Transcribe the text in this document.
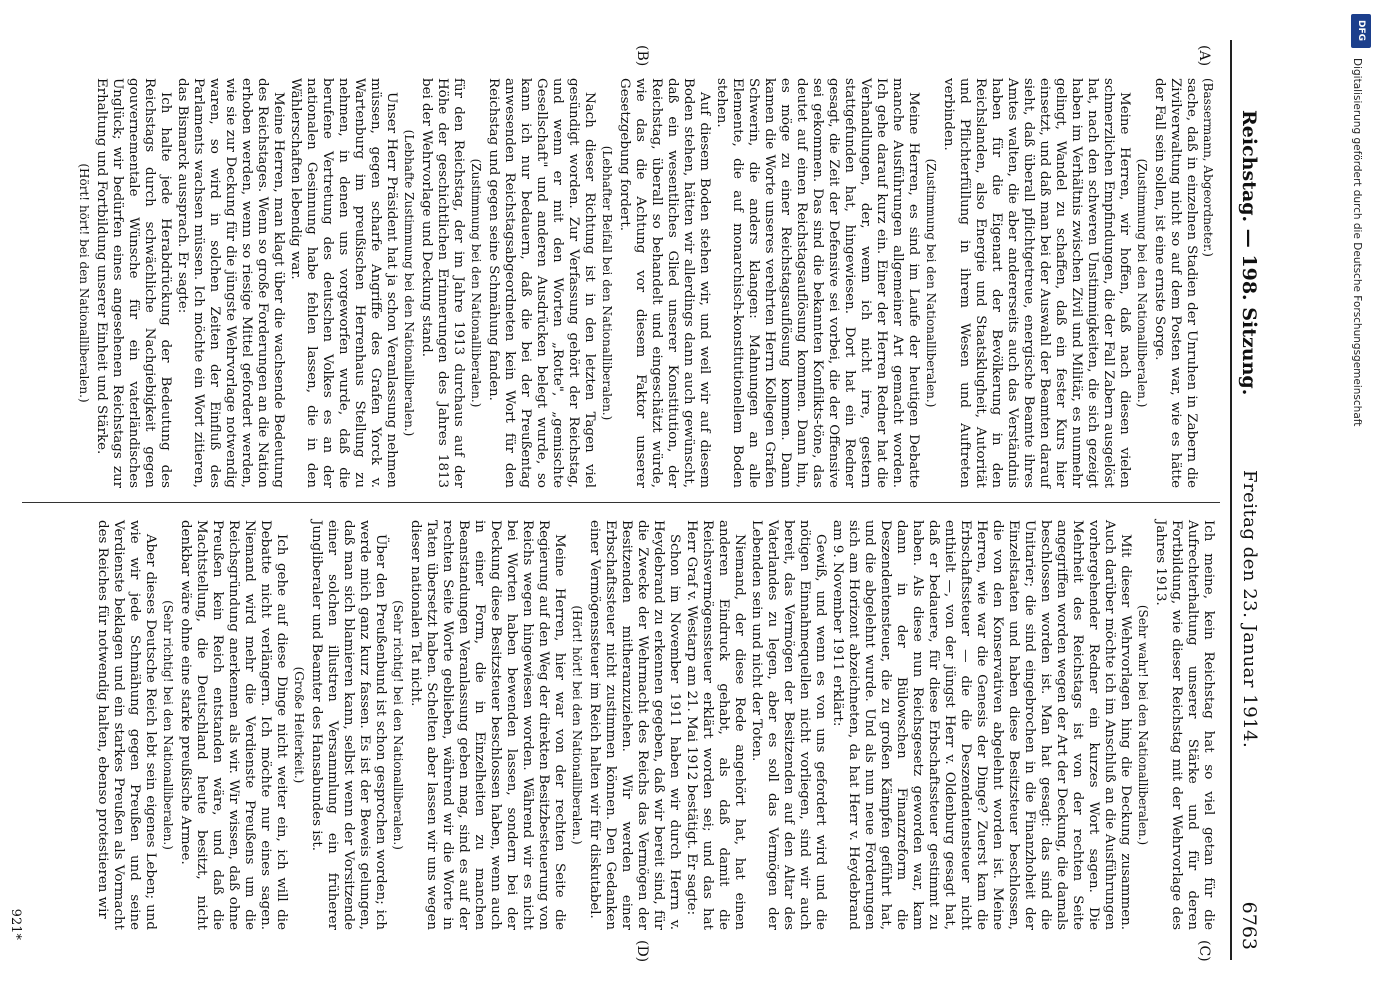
Reichstag. — 198. Sitzung.
Freitag den 23. Januar 1914.
6763
(A)
(B)
(C)
(D)

(Bassermann, Abgeordneter.)

sache, daß in einzelnen Stadien der Unruhen in Zabern die Zivilverwaltung nicht so auf dem Posten war, wie es hätte der Fall sein sollen, ist eine ernste Sorge.

(Zustimmung bei den Nationalliberalen.)

Meine Herren, wir hoffen, daß nach diesen vielen schmerzlichen Empfindungen, die der Fall Zabern ausgelöst hat, nach den schweren Unstimmigkeiten, die sich gezeigt haben im Verhältnis zwischen Zivil und Militär, es nunmehr gelingt, Wandel zu schaffen, daß ein fester Kurs hier einsetzt, und daß man bei der Auswahl der Beamten darauf sieht, daß überall pflichtgetreue, energische Beamte ihres Amtes walten, die aber andererseits auch das Verständnis haben für die Eigenart der Bevölkerung in den Reichslanden, also Energie und Staatsklugheit, Autorität und Pflichterfüllung in ihrem Wesen und Auftreten verbinden.

(Zustimmung bei den Nationalliberalen.)

Meine Herren, es sind im Laufe der heutigen Debatte manche Ausführungen allgemeiner Art gemacht worden. Ich gehe darauf kurz ein. Einer der Herren Redner hat die Verhandlungen, der, wenn ich nicht irre, gestern stattgefunden hat, hingewiesen. Dort hat ein Redner gesagt, die Zeit der Defensive sei vorbei, die der Offensive sei gekommen. Das sind die bekannten Konflikts-töne, das deutet auf einen Reichstagsauflösung kommen. Dann hin, es möge zu einer Reichstagsauflösung kommen. Dann kamen die Worte unseres verehrten Herrn Kollegen Grafen Schwerin, die anders klangen: Mahnungen an alle Elemente, die auf monarchisch-konstitutionellem Boden stehen.

Auf diesem Boden stehen wir, und weil wir auf diesem Boden stehen, hätten wir allerdings dann auch gewünscht, daß ein wesentliches Glied unserer Konstitution, der Reichstag, überall so behandelt und eingeschätzt würde, wie das die Achtung vor diesem Faktor unserer Gesetzgebung fordert.

(Lebhafter Beifall bei den Nationalliberalen.)

Nach dieser Richtung ist in den letzten Tagen viel gesündigt worden. Zur Verfassung gehört der Reichstag, und wenn er mit den Worten „Rotte", „gemischte Gesellschaft" und anderen Ausdrücken belegt wurde, so kann ich nur bedauern, daß die bei der Preußentag anwesenden Reichstagsabgeordneten kein Wort für den Reichstag und gegen seine Schmähung fanden.

(Zustimmung bei den Nationalliberalen.)

für den Reichstag, der im Jahre 1913 durchaus auf der Höhe der geschichtlichen Erinnerungen des Jahres 1813 bei der Wehrvorlage und Deckung stand.

(Lebhafte Zustimmung bei den Nationalliberalen.)

Unser Herr Präsident hat ja schon Veranlassung nehmen müssen, gegen scharfe Angriffe des Grafen Yorck v. Wartenburg im preußischen Herrenhaus Stellung zu nehmen, in denen uns vorgeworfen wurde, daß die berufene Vertretung des deutschen Volkes es an der nationalen Gesinnung habe fehlen lassen, die in den Wählerschaften lebendig war.

Meine Herren, man klagt über die wachsende Bedeutung des Reichstages. Wenn so große Forderungen an die Nation erhoben werden, wenn so riesige Mittel gefordert werden, wie sie zur Deckung für die jüngste Wehrvorlage notwendig waren, so wird in solchen Zeiten der Einfluß des Parlaments wachsen müssen. Ich möchte ein Wort zitieren, das Bismarck aussprach. Er sagte:

Ich halte jede Herabdrückung der Bedeutung des Reichstags durch schwächliche Nachgiebigkeit gegen gouvernementale Wünsche für ein vaterländisches Unglück; wir bedürfen eines angesehenen Reichstags zur Erhaltung und Fortbildung unserer Einheit und Stärke.

(Hört! hört! bei den Nationalliberalen.)

Ich meine, kein Reichstag hat so viel getan für die Aufrechterhaltung unserer Stärke und für deren Fortbildung, wie dieser Reichstag mit der Wehrvorlage des Jahres 1913.

(Sehr wahr! bei den Nationalliberalen.)

Mit dieser Wehrvorlagen hing die Deckung zusammen. Auch darüber möchte ich im Anschluß an die Ausführungen vorhergehender Redner ein kurzes Wort sagen. Die Mehrheit des Reichstags ist von der rechten Seite angegriffen worden wegen der Art der Deckung, die damals beschlossen worden ist. Man hat gesagt: das sind die Unitarier; die sind eingebrochen in die Finanzhoheit der Einzelstaaten und haben diese Besitzsteuer beschlossen, die von den Konservativen abgelehnt worden ist. Meine Herren, wie war die Genesis der Dinge? Zuerst kam die Erbschaftssteuer — die die Deszendentensteuer nicht enthielt —, von der jüngst Herr v. Oldenburg gesagt hat, daß er bedauere, für diese Erbschaftssteuer gestimmt zu haben. Als diese nun Reichsgesetz geworden war, kam dann in der Bülowschen Finanzreform die Deszendentensteuer, die zu großen Kämpfen geführt hat, und die abgelehnt wurde. Und als nun neue Forderungen sich am Horizont abzeichneten, da hat Herr v. Heydebrand am 9. November 1911 erklärt:

Gewiß, und wenn es von uns gefordert wird und die nötigen Einnahmequellen nicht vorliegen, sind wir auch bereit, das Vermögen der Besitzenden auf den Altar des Vaterlandes zu legen, aber es soll das Vermögen der Lebenden sein und nicht der Toten.

Niemand, der diese Rede angehört hat, hat einen anderen Eindruck gehabt, als daß damit die Reichsvermögenssteuer erklärt worden sei; und das hat Herr Graf v. Westarp am 21. Mai 1912 bestätigt. Er sagte:

Schon im November 1911 haben wir durch Herrn v. Heydebrand zu erkennen gegeben, daß wir bereit sind, für die Zwecke der Wehrmacht des Reichs das Vermögen der Besitzenden mitheranzuziehen. Wir werden einer Erbschaftssteuer nicht zustimmen können. Den Gedanken einer Vermögenssteuer im Reich halten wir für diskutabel.

(Hört! hört! bei den Nationalliberalen.)

Meine Herren, hier war von der rechten Seite die Regierung auf den Weg der direkten Besitzbesteuerung von Reichs wegen hingewiesen worden. Während wir es nicht bei Worten haben bewenden lassen, sondern bei der Deckung diese Besitzsteuer beschlossen haben, wenn auch in einer Form, die in Einzelheiten zu manchen Beanstandungen Veranlassung geben mag, sind es auf der rechten Seite Worte geblieben, während wir die Worte in Taten übersetzt haben. Schelten aber lassen wir uns wegen dieser nationalen Tat nicht.

(Sehr richtig! bei den Nationalliberalen.)

Über den Preußenbund ist schon gesprochen worden; ich werde mich ganz kurz fassen. Es ist der Beweis gelungen, daß man sich blamieren kann, selbst wenn der Vorsitzende einer solchen illustren Versammlung ein früherer Jungliberaler und Beamter des Hansabundes ist.

(Große Heiterkeit.)

Ich gehe auf diese Dinge nicht weiter ein, ich will die Debatte nicht verlängern. Ich möchte nur eines sagen. Niemand wird mehr die Verdienste Preußens um die Reichsgründung anerkennen als wir. Wir wissen, daß ohne Preußen kein Reich entstanden wäre, und daß die Machtstellung, die Deutschland heute besitzt, nicht denkbar wäre ohne eine starke preußische Armee.

(Sehr richtig! bei den Nationalliberalen.)

Aber dieses Deutsche Reich lebt sein eigenes Leben; und wie wir jede Schmähung gegen Preußen und seine Verdienste beklagen und ein starkes Preußen als Vormacht des Reiches für notwendig halten, ebenso protestieren wir

921*
DFG
Digitalisierung gefördert durch die Deutsche Forschungsgemeinschaft
